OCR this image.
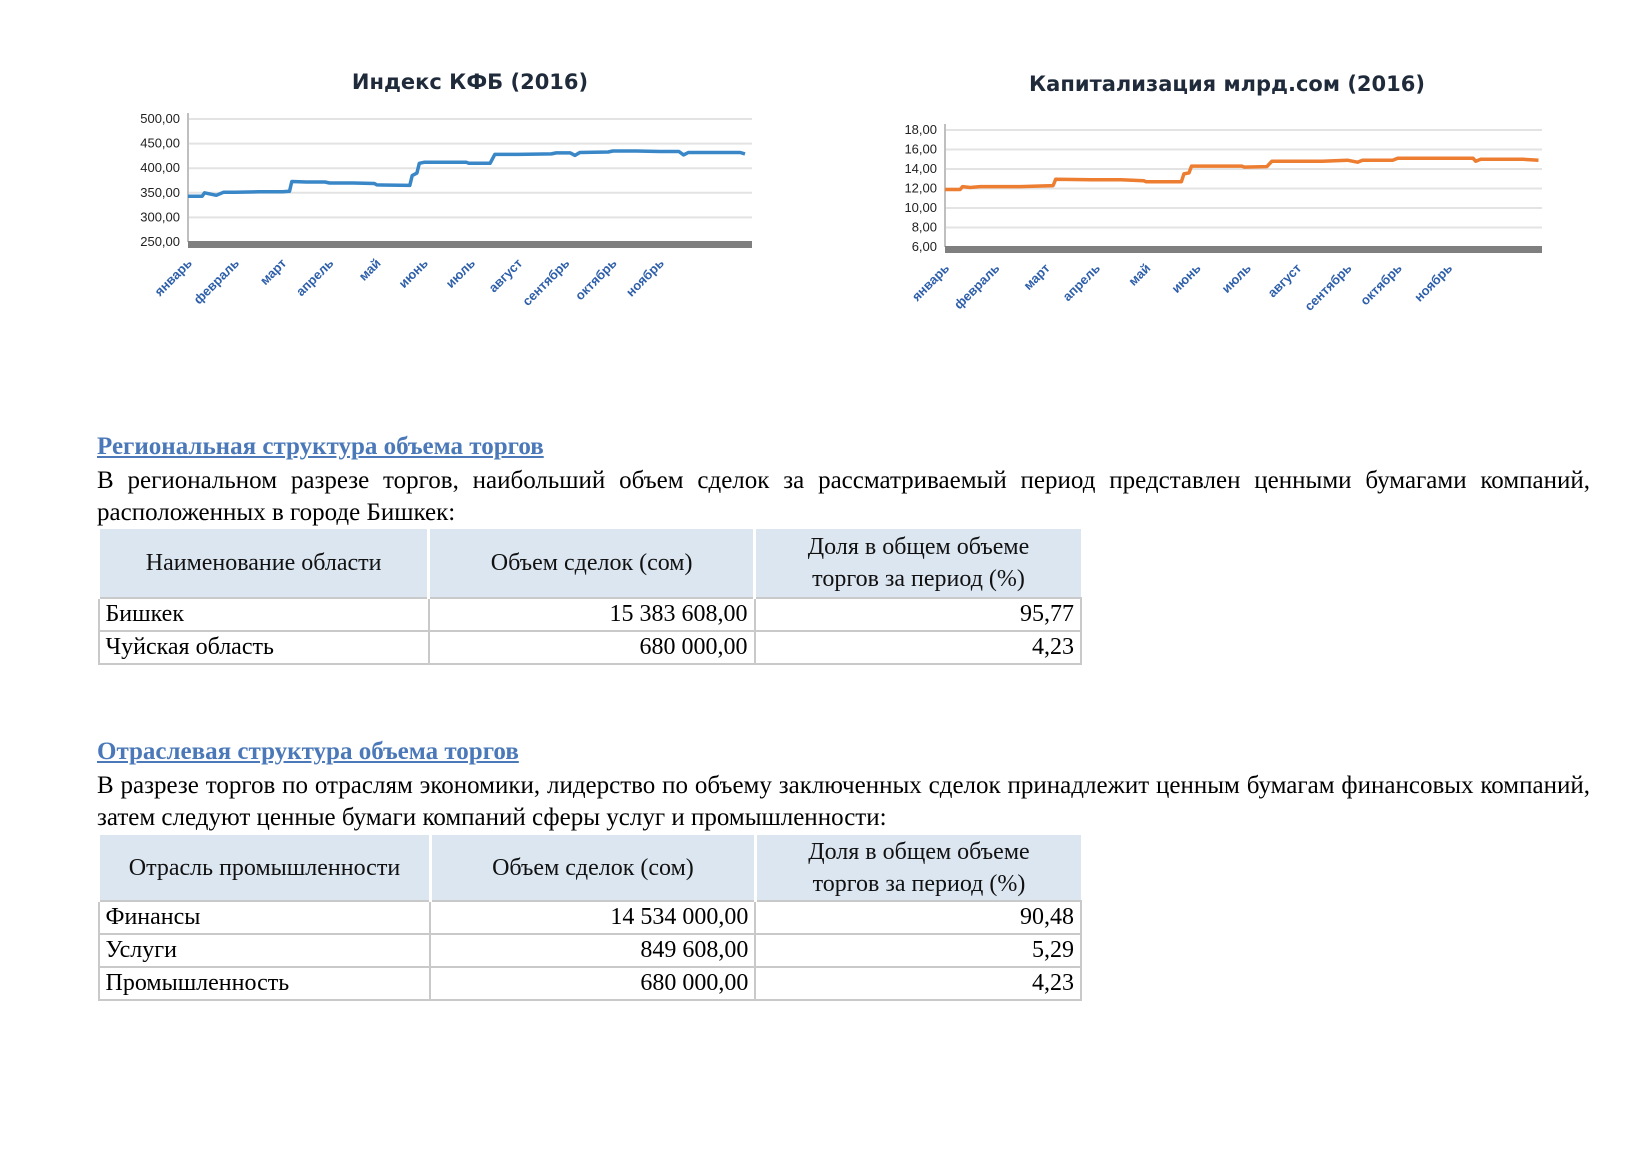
Индекс КФБ (2016)
500,00
450,00
400,00
350,00
300,00
250,00
январь
февраль март апрель май июнь июль август
сентябрь октябрь ноябрь
Капитализация млрд.сом (2016)
18,00
16,00
14,00
12,00
10,00
8,00
6,00
январь
февраль март апрель май июнь июль август
сентябрь октябрь ноябрь
Региональная структура объема торгов

В региональном разрезе торгов, наибольший объем сделок за рассматриваемый период представлен ценными бумагами компаний, расположенных в городе Бишкек:

Наименование области	Объем сделок (сом)	Доля в общем объеме
торгов за период (%)
Бишкек	15 383 608,00	95,77
Чуйская область	680 000,00	4,23
Отраслевая структура объема торгов

В разрезе торгов по отраслям экономики, лидерство по объему заключенных сделок принадлежит ценным бумагам финансовых компаний, затем следуют ценные бумаги компаний сферы услуг и промышленности:

Отрасль промышленности	Объем сделок (сом)	Доля в общем объеме
торгов за период (%)
Финансы	14 534 000,00	90,48
Услуги	849 608,00	5,29
Промышленность	680 000,00	4,23
